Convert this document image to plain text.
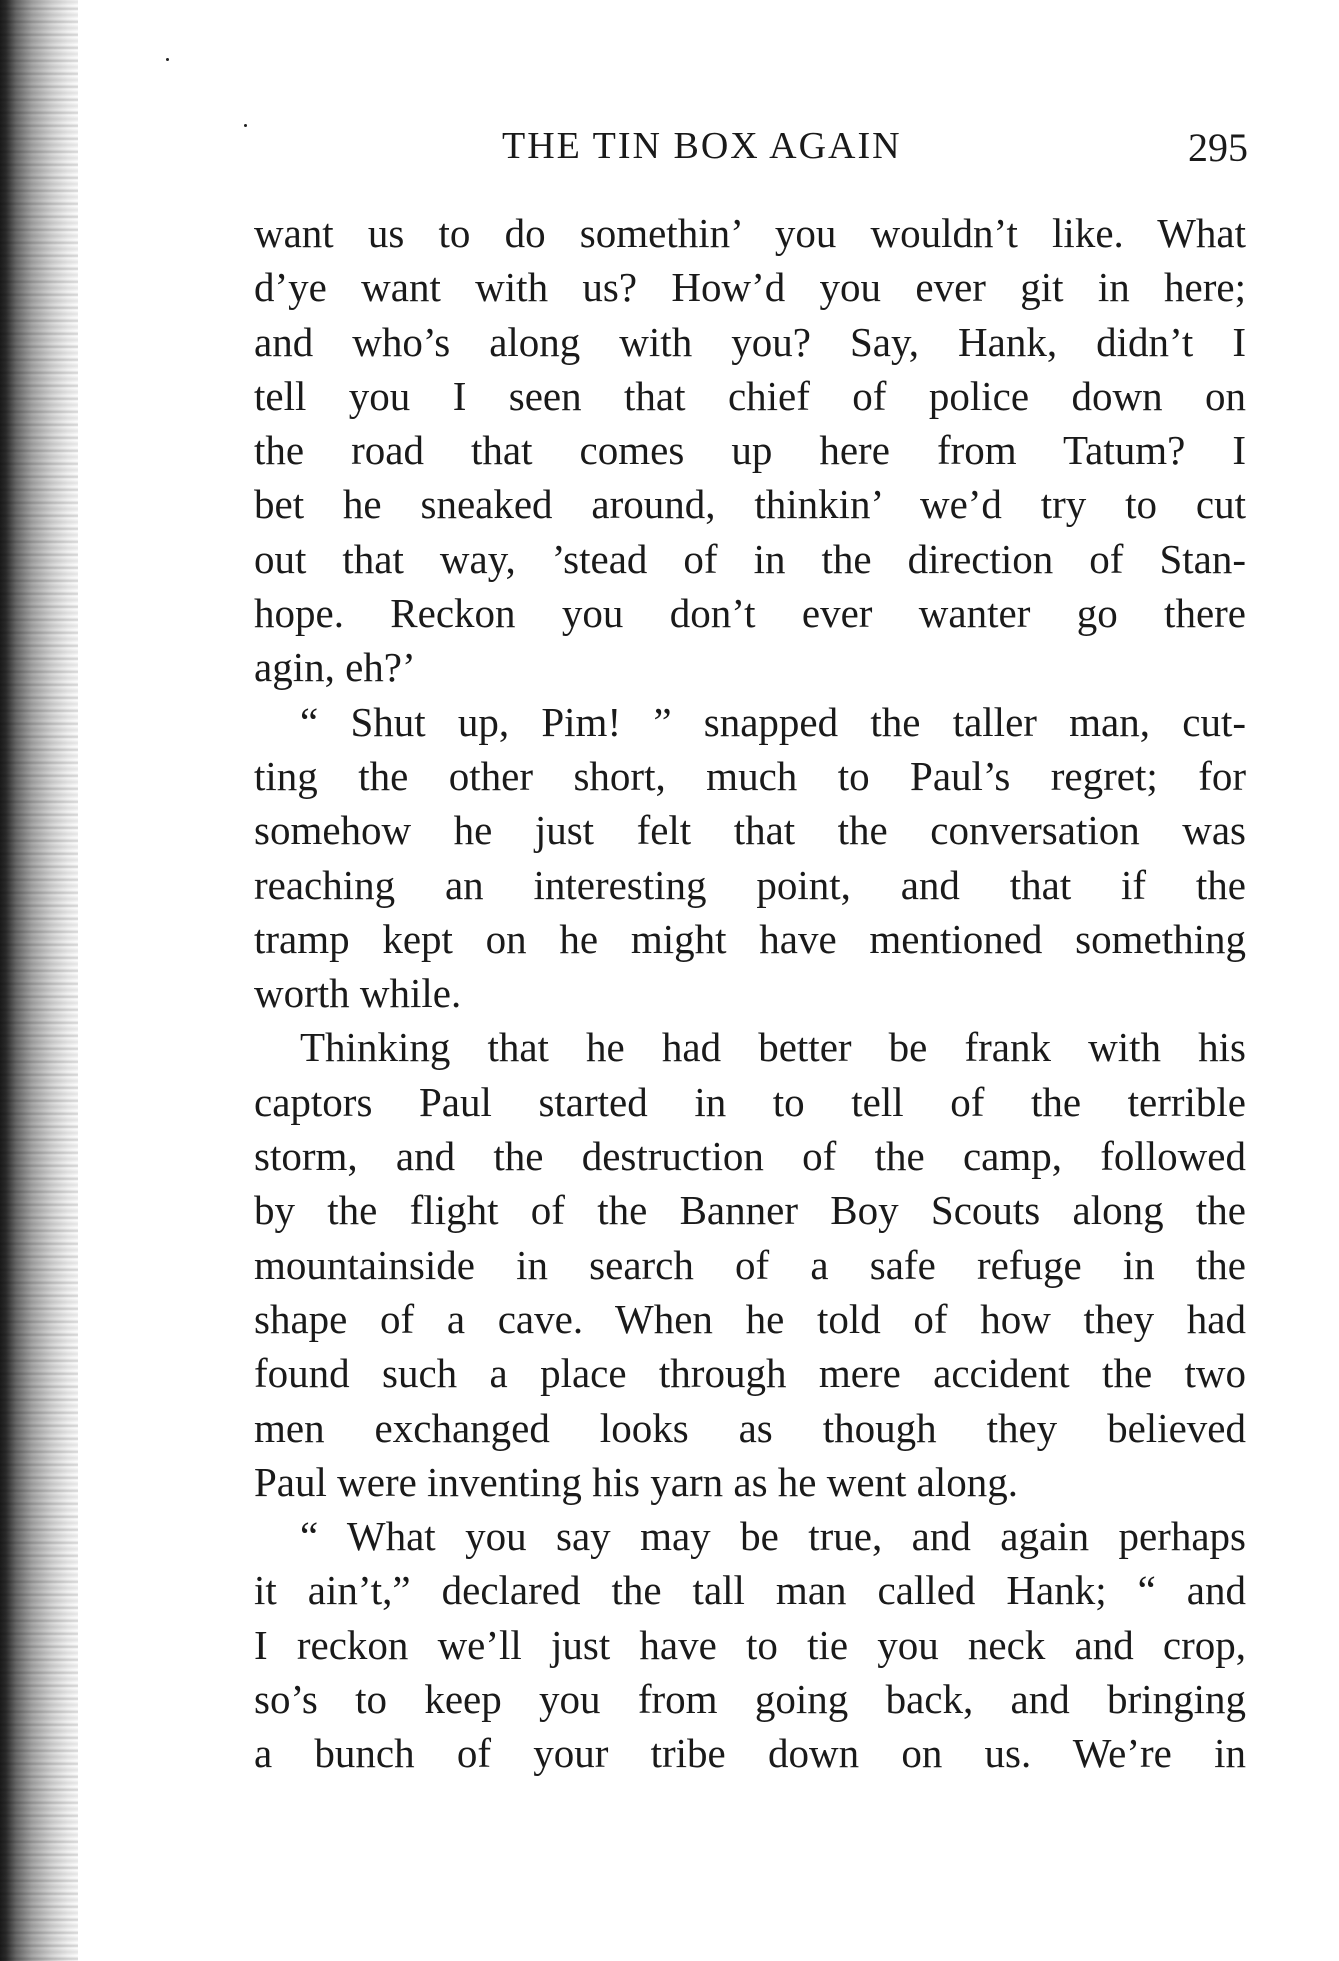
THE TIN BOX AGAIN	295
want us to do somethin’ you wouldn’t like. What
d’ye want with us? How’d you ever git in here;
and who’s along with you? Say, Hank, didn’t I
tell you I seen that chief of police down on
the road that comes up here from Tatum? I
bet he sneaked around, thinkin’ we’d try to cut
out that way, ’stead of in the direction of Stan-
hope. Reckon you don’t ever wanter go there
agin, eh?’
“ Shut up, Pim! ” snapped the taller man, cut-
ting the other short, much to Paul’s regret; for
somehow he just felt that the conversation was
reaching an interesting point, and that if the
tramp kept on he might have mentioned something
worth while.
Thinking that he had better be frank with his
captors Paul started in to tell of the terrible
storm, and the destruction of the camp, followed
by the flight of the Banner Boy Scouts along the
mountainside in search of a safe refuge in the
shape of a cave. When he told of how they had
found such a place through mere accident the two
men exchanged looks as though they believed
Paul were inventing his yarn as he went along.
“ What you say may be true, and again perhaps
it ain’t,” declared the tall man called Hank; “ and
I reckon we’ll just have to tie you neck and crop,
so’s to keep you from going back, and bringing
a bunch of your tribe down on us. We’re in
